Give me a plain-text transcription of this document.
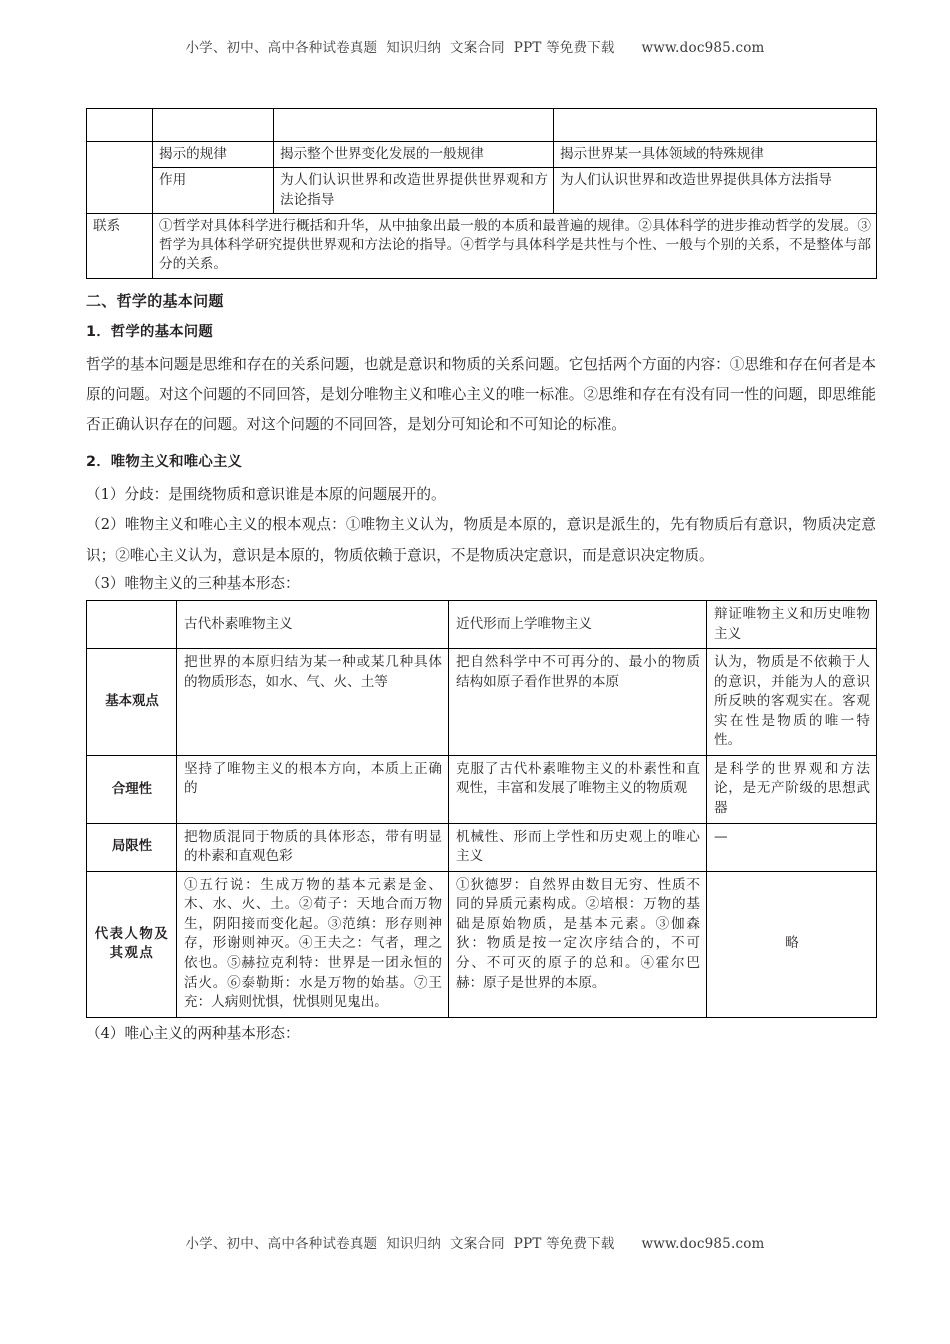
小学、初中、高中各种试卷真题  知识归纳  文案合同  PPT 等免费下载      www.doc985.com

	揭示的规律	揭示整个世界变化发展的一般规律	揭示世界某一具体领域的特殊规律
	作用	为人们认识世界和改造世界提供世界观和方法论指导	为人们认识世界和改造世界提供具体方法指导
联系	①哲学对具体科学进行概括和升华，从中抽象出最一般的本质和最普遍的规律。②具体科学的进步推动哲学的发展。③哲学为具体科学研究提供世界观和方法论的指导。④哲学与具体科学是共性与个性、一般与个别的关系，不是整体与部分的关系。		
二、哲学的基本问题
1．哲学的基本问题

哲学的基本问题是思维和存在的关系问题，也就是意识和物质的关系问题。它包括两个方面的内容：①思维和存在何者是本原的问题。对这个问题的不同回答，是划分唯物主义和唯心主义的唯一标准。②思维和存在有没有同一性的问题，即思维能否正确认识存在的问题。对这个问题的不同回答，是划分可知论和不可知论的标准。

2．唯物主义和唯心主义

（1）分歧：是围绕物质和意识谁是本原的问题展开的。

（2）唯物主义和唯心主义的根本观点：①唯物主义认为，物质是本原的，意识是派生的，先有物质后有意识，物质决定意识；②唯心主义认为，意识是本原的，物质依赖于意识，不是物质决定意识，而是意识决定物质。

（3）唯物主义的三种基本形态：

	古代朴素唯物主义	近代形而上学唯物主义	辩证唯物主义和历史唯物主义
基本观点	把世界的本原归结为某一种或某几种具体的物质形态，如水、气、火、土等	把自然科学中不可再分的、最小的物质结构如原子看作世界的本原	认为，物质是不依赖于人的意识，并能为人的意识所反映的客观实在。客观实在性是物质的唯一特性。
合理性	坚持了唯物主义的根本方向，本质上正确的	克服了古代朴素唯物主义的朴素性和直观性，丰富和发展了唯物主义的物质观	是科学的世界观和方法论，是无产阶级的思想武器
局限性	把物质混同于物质的具体形态，带有明显的朴素和直观色彩	机械性、形而上学性和历史观上的唯心主义	—
代表人物及其观点	①五行说：生成万物的基本元素是金、木、水、火、土。②荀子：天地合而万物生，阴阳接而变化起。③范缜：形存则神存，形谢则神灭。④王夫之：气者，理之依也。⑤赫拉克利特：世界是一团永恒的活火。⑥泰勒斯：水是万物的始基。⑦王充：人病则忧惧，忧惧则见鬼出。	①狄德罗：自然界由数目无穷、性质不同的异质元素构成。②培根：万物的基础是原始物质，是基本元素。③伽森狄：物质是按一定次序结合的，不可分、不可灭的原子的总和。④霍尔巴赫：原子是世界的本原。	略

（4）唯心主义的两种基本形态：

小学、初中、高中各种试卷真题  知识归纳  文案合同  PPT 等免费下载      www.doc985.com
